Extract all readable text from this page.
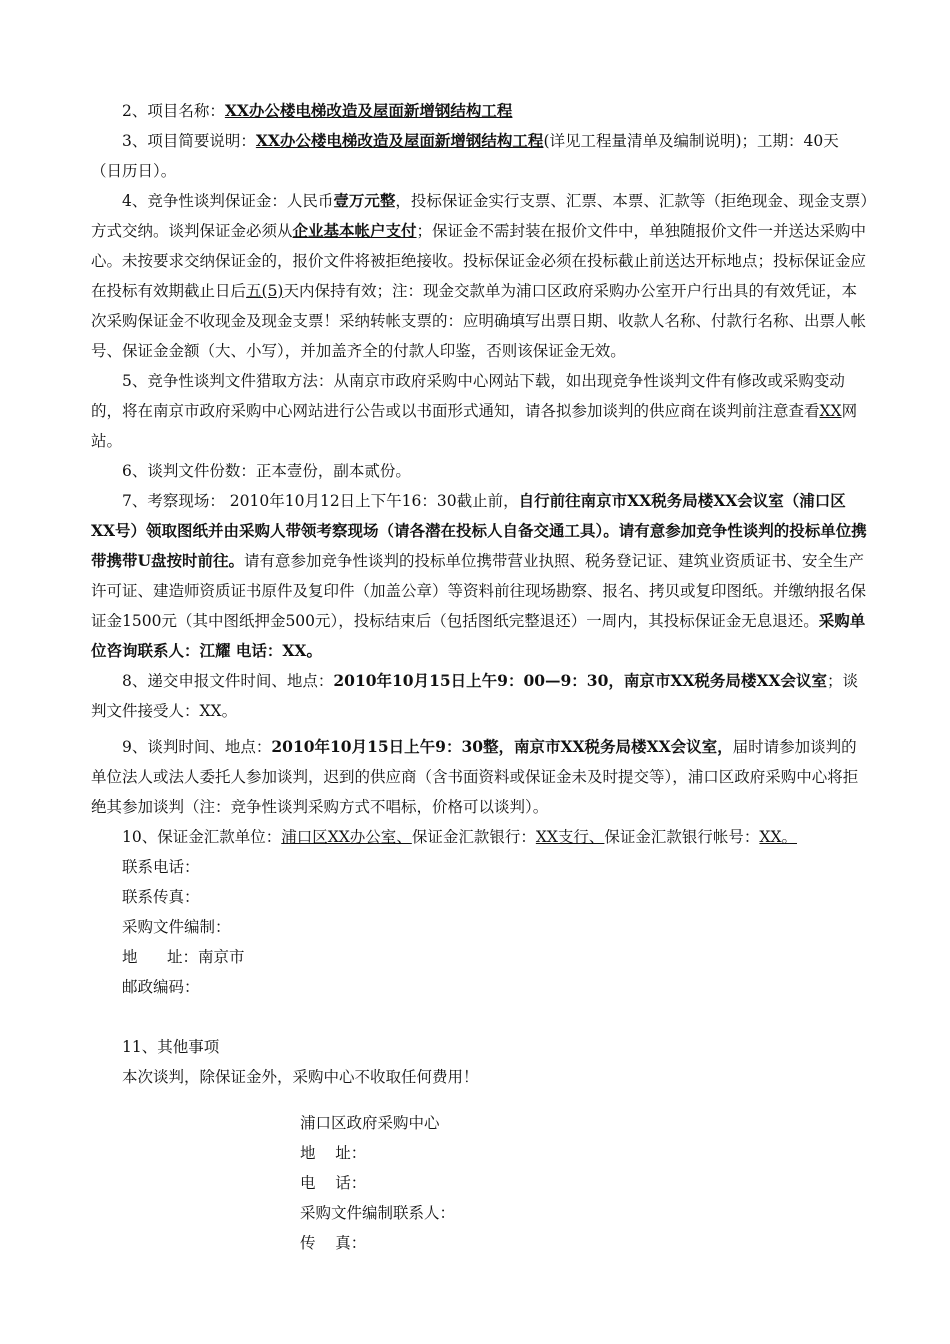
2、项目名称：XX办公楼电梯改造及屋面新增钢结构工程

3、项目简要说明：XX办公楼电梯改造及屋面新增钢结构工程(详见工程量清单及编制说明)；工期：40天（日历日）。

4、竞争性谈判保证金：人民币壹万元整，投标保证金实行支票、汇票、本票、汇款等（拒绝现金、现金支票）方式交纳。谈判保证金必须从企业基本帐户支付；保证金不需封装在报价文件中，单独随报价文件一并送达采购中心。未按要求交纳保证金的，报价文件将被拒绝接收。投标保证金必须在投标截止前送达开标地点；投标保证金应在投标有效期截止日后五(5)天内保持有效；注：现金交款单为浦口区政府采购办公室开户行出具的有效凭证，本次采购保证金不收现金及现金支票！采纳转帐支票的：应明确填写出票日期、收款人名称、付款行名称、出票人帐号、保证金金额（大、小写），并加盖齐全的付款人印鉴，否则该保证金无效。

5、竞争性谈判文件猎取方法：从南京市政府采购中心网站下载，如出现竞争性谈判文件有修改或采购变动的，将在南京市政府采购中心网站进行公告或以书面形式通知，请各拟参加谈判的供应商在谈判前注意查看XX网站。

6、谈判文件份数：正本壹份，副本贰份。

7、考察现场： 2010年10月12日上下午16：30截止前，自行前往南京市XX税务局楼XX会议室（浦口区XX号）领取图纸并由采购人带领考察现场（请各潜在投标人自备交通工具）。请有意参加竞争性谈判的投标单位携带携带U盘按时前往。请有意参加竞争性谈判的投标单位携带营业执照、税务登记证、建筑业资质证书、安全生产许可证、建造师资质证书原件及复印件（加盖公章）等资料前往现场勘察、报名、拷贝或复印图纸。并缴纳报名保证金1500元（其中图纸押金500元），投标结束后（包括图纸完整退还）一周内，其投标保证金无息退还。采购单位咨询联系人：江耀 电话：XX。

8、递交申报文件时间、地点：2010年10月15日上午9：00—9：30，南京市XX税务局楼XX会议室；谈判文件接受人：XX。

9、谈判时间、地点：2010年10月15日上午9：30整，南京市XX税务局楼XX会议室，届时请参加谈判的单位法人或法人委托人参加谈判，迟到的供应商（含书面资料或保证金未及时提交等），浦口区政府采购中心将拒绝其参加谈判（注：竞争性谈判采购方式不唱标，价格可以谈判）。

10、保证金汇款单位：浦口区XX办公室、保证金汇款银行：XX支行、保证金汇款银行帐号：XX。

联系电话：

联系传真：

采购文件编制：

地      址：南京市

邮政编码：

11、其他事项

本次谈判，除保证金外，采购中心不收取任何费用！

浦口区政府采购中心

地    址：

电    话：

采购文件编制联系人：

传    真：
